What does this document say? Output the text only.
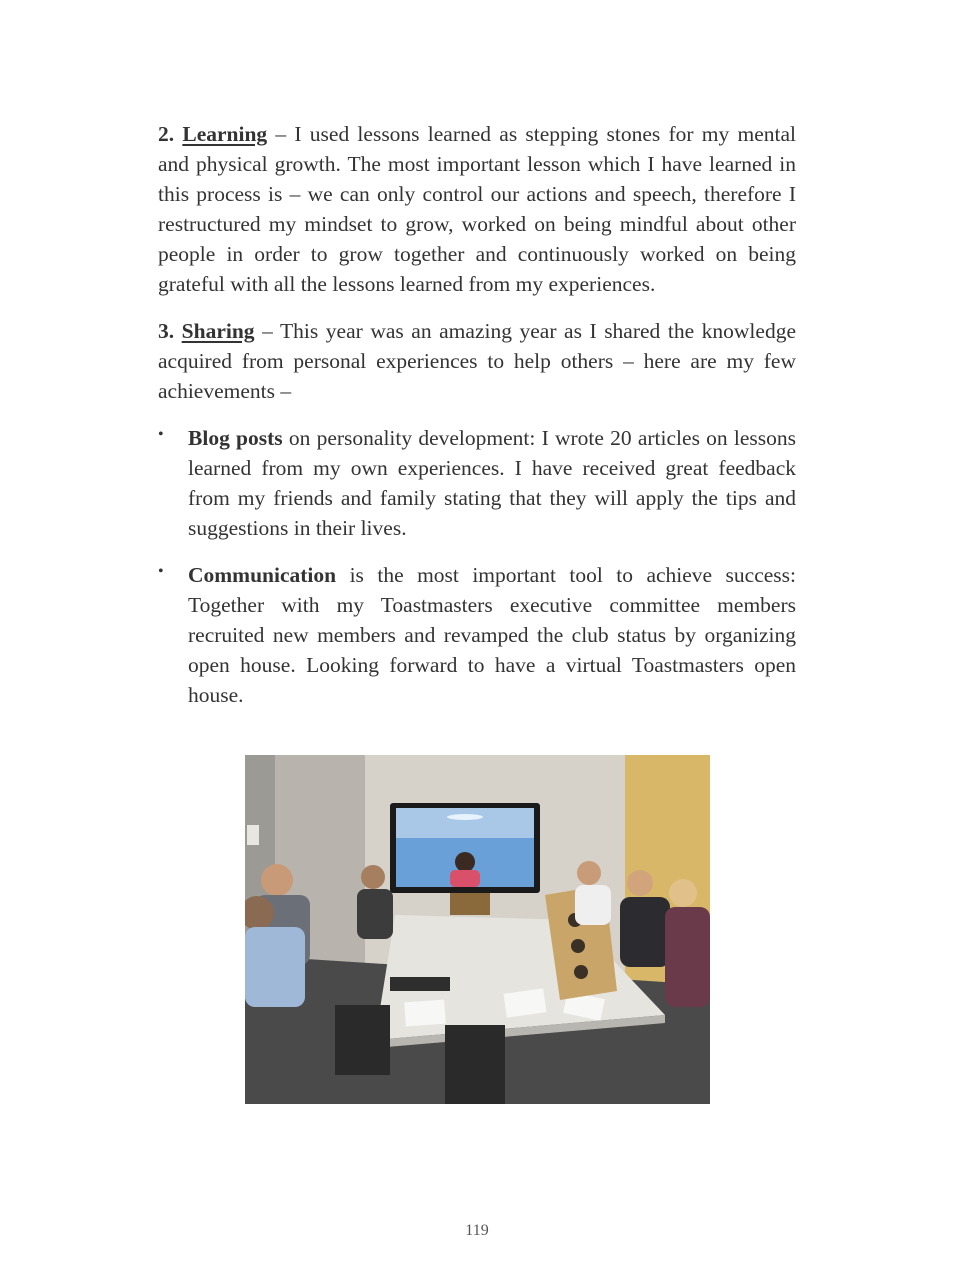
2. Learning – I used lessons learned as stepping stones for my mental and physical growth. The most important lesson which I have learned in this process is – we can only control our actions and speech, therefore I restructured my mindset to grow, worked on being mindful about other people in order to grow together and continuously worked on being grateful with all the lessons learned from my experiences.

3. Sharing – This year was an amazing year as I shared the knowledge acquired from personal experiences to help others – here are my few achievements –

• Blog posts on personality development: I wrote 20 articles on lessons learned from my own experiences. I have received great feedback from my friends and family stating that they will apply the tips and suggestions in their lives.
• Communication is the most important tool to achieve success: Together with my Toastmasters executive committee members recruited new members and revamped the club status by organizing open house. Looking forward to have a virtual Toastmasters open house.
119
